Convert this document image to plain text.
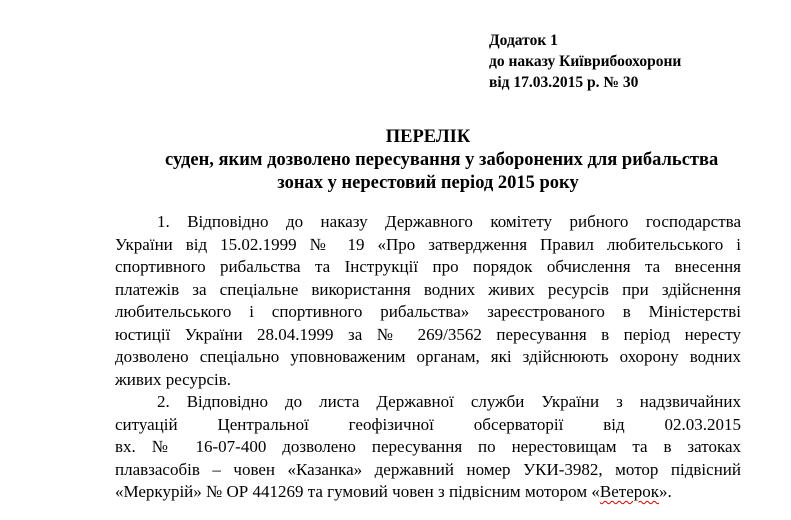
Додаток 1
до наказу Київрибоохорони
від 17.03.2015 р. № 30
ПЕРЕЛІК
суден, яким дозволено пересування у заборонених для рибальства
зонах у нерестовий період 2015 року
1. Відповідно до наказу Державного комітету рибного господарства
України від 15.02.1999 № 19 «Про затвердження Правил любительського і
спортивного рибальства та Інструкції про порядок обчислення та внесення
платежів за спеціальне використання водних живих ресурсів при здійснення
любительського і спортивного рибальства» зареєстрованого в Міністерстві
юстиції України 28.04.1999 за № 269/3562 пересування в період нересту
дозволено спеціально уповноваженим органам, які здійснюють охорону водних
живих ресурсів.
2. Відповідно до листа Державної служби України з надзвичайних
ситуацій Центральної геофізичної обсерваторії від 02.03.2015
вх. № 16-07-400 дозволено пересування по нерестовищам та в затоках
плавзасобів – човен «Казанка» державний номер УКИ-3982, мотор підвісний
«Меркурій» № ОР 441269 та гумовий човен з підвісним мотором «Ветерок».
